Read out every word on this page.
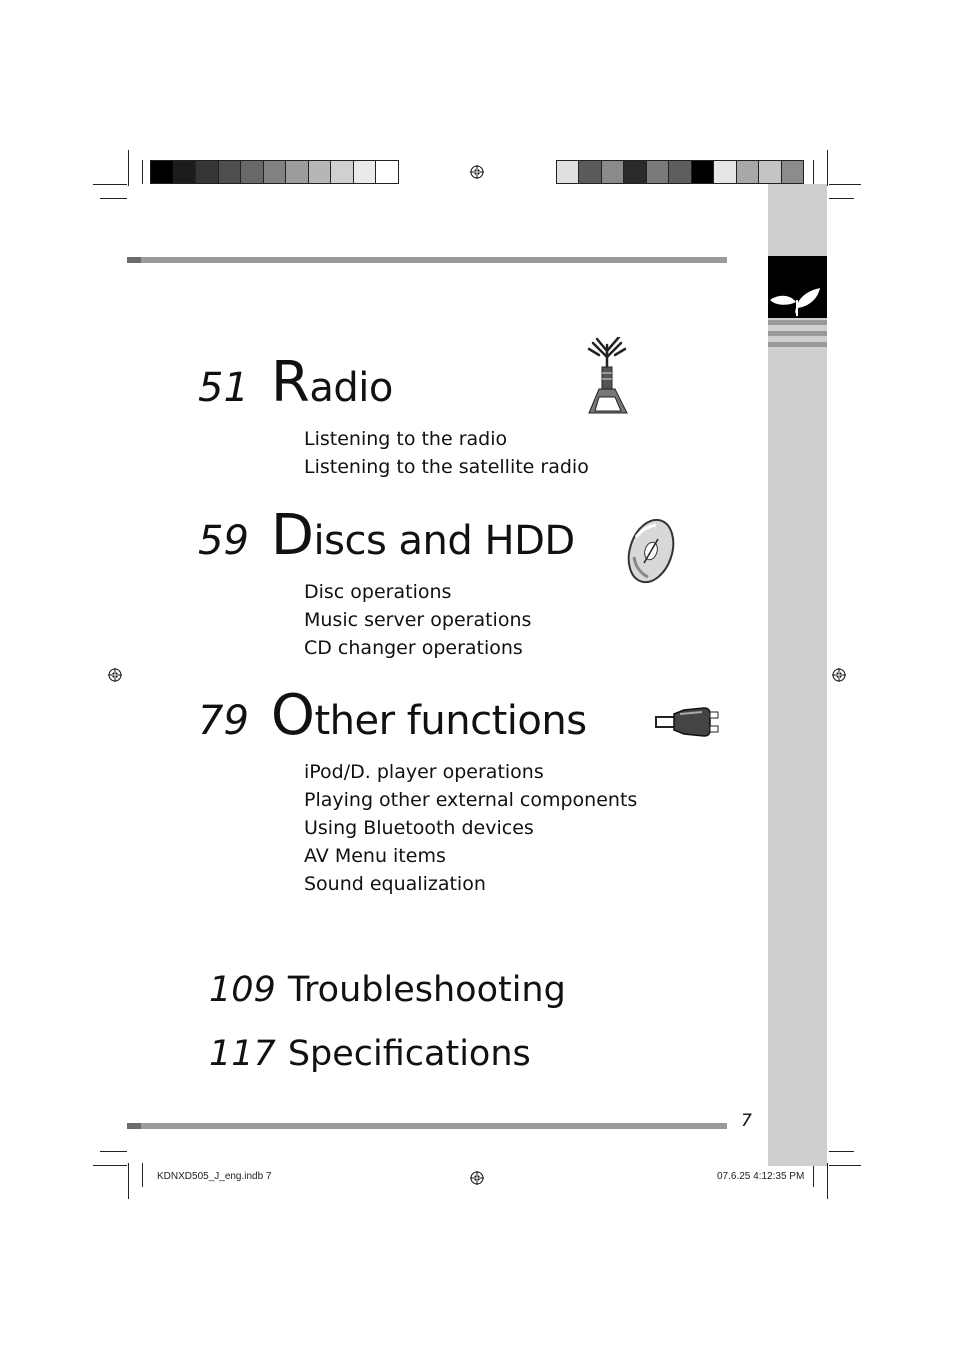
51 Radio
Listening to the radio
Listening to the satellite radio
59 Discs and HDD
Disc operations
Music server operations
CD changer operations
79 Other functions
iPod/D. player operations
Playing other external components
Using Bluetooth devices
AV Menu items
Sound equalization
109 Troubleshooting
117 Specifications
7
KDNXD505_J_eng.indb 7	07.6.25 4:12:35 PM
